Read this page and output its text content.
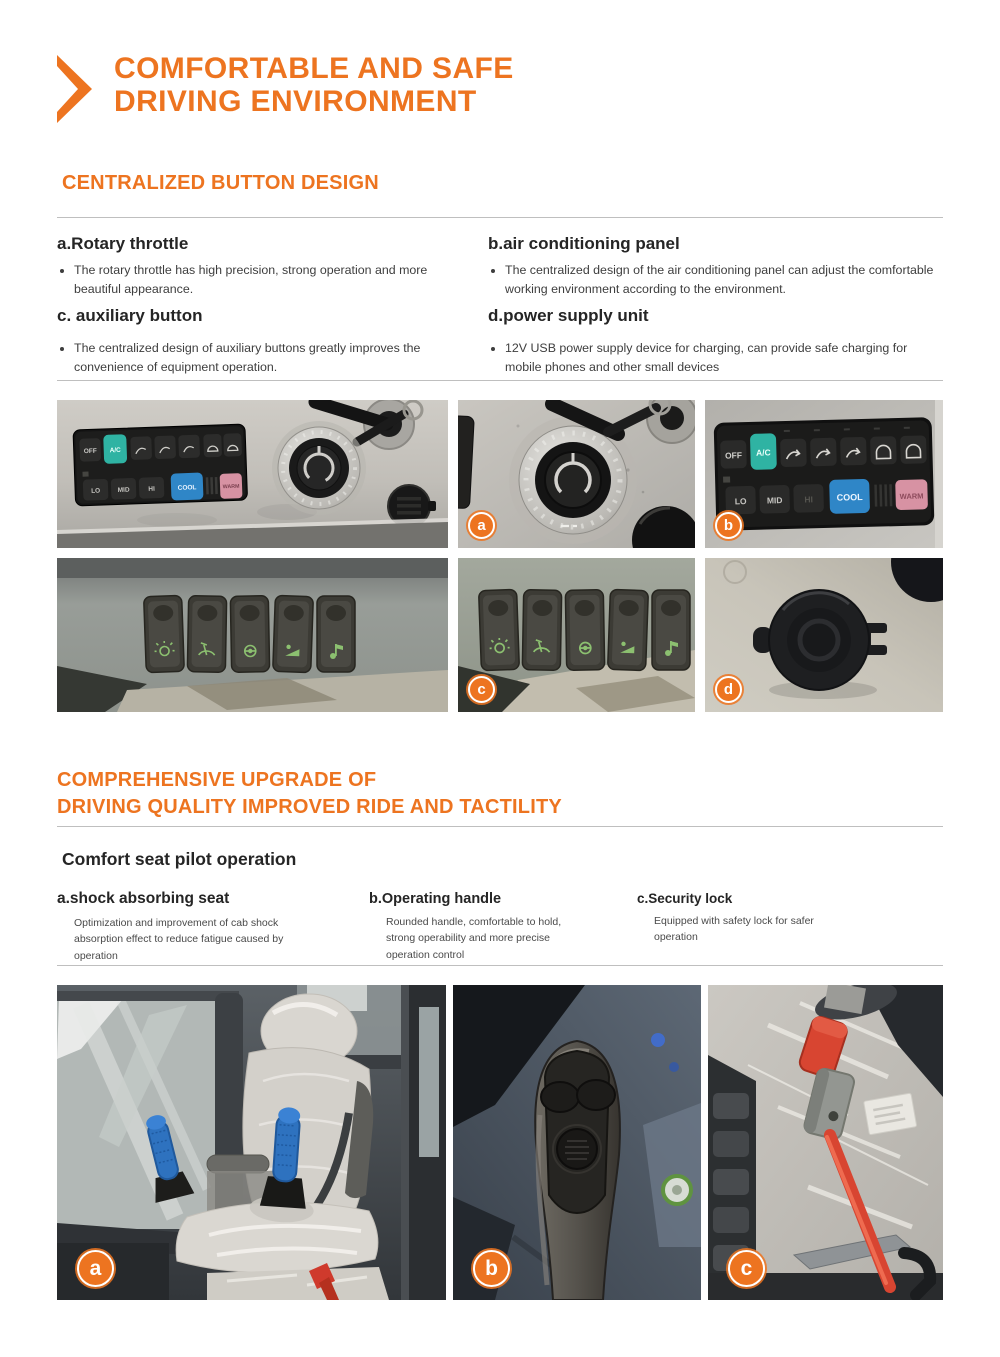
COMFORTABLE AND SAFE
DRIVING ENVIRONMENT
CENTRALIZED BUTTON DESIGN
a.Rotary throttle
• The rotary throttle has high precision, strong operation and more beautiful appearance.
b.air conditioning panel
• The centralized design of the air conditioning panel can adjust the comfortable working environment according to the environment.
c. auxiliary button
• The centralized design of auxiliary buttons greatly improves the convenience of equipment operation.
d.power supply unit
• 12V USB power supply device for charging, can provide safe charging for mobile phones and other small devices
OFF A/C
LO	MID	HI	COOL	WARM
a
OFF A/C
LO MID	HI	COOL	WARM
b
c	d
COMPREHENSIVE UPGRADE OF
DRIVING QUALITY IMPROVED RIDE AND TACTILITY
Comfort seat pilot operation
a.shock absorbing seat

Optimization and improvement of cab shock absorption effect to reduce fatigue caused by operation

b.Operating handle

Rounded handle, comfortable to hold, strong operability and more precise operation control

c.Security lock

Equipped with safety lock for safer operation

a	b	c
